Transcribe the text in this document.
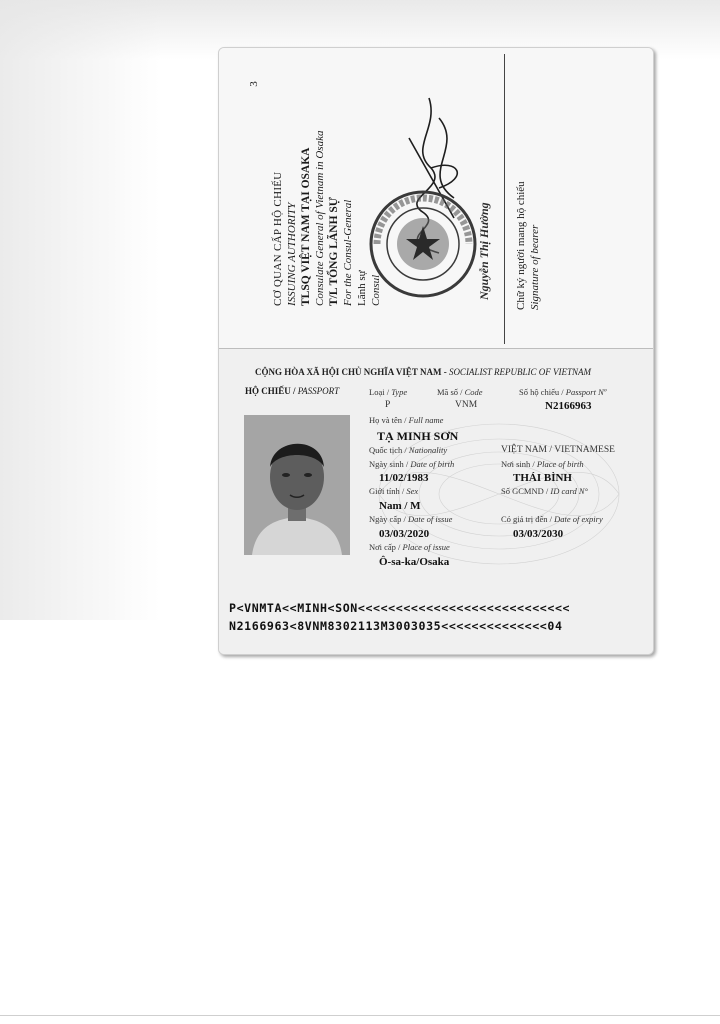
3
CƠ QUAN CẤP HỘ CHIẾU ISSUING AUTHORITY TLSQ VIỆT NAM TẠI OSAKA Consulate General of Vietnam in Osaka T/L TỔNG LÃNH SỰ For the Consul-General Lãnh sự Consul	Nguyễn Thị Hường Chữ ký người mang hộ chiếu Signature of bearer
CỘNG HÒA XÃ HỘI CHỦ NGHĨA VIỆT NAM - SOCIALIST REPUBLIC OF VIETNAM
HỘ CHIẾU / PASSPORT	Loại / Type
P
Mã số / Code
VNM
Số hộ chiếu / Passport Nº
N2166963
Họ và tên / Full name
TẠ MINH SƠN
Quốc tịch / Nationality	VIỆT NAM / VIETNAMESE
Ngày sinh / Date of birth
11/02/1983
Nơi sinh / Place of birth
THÁI BÌNH
Giới tính / Sex
Nam / M
Số GCMND / ID card N°
Ngày cấp / Date of issue
03/03/2020
Có giá trị đến / Date of expiry
03/03/2030
Nơi cấp / Place of issue
Ô-sa-ka/Osaka
P<VNMTA<<MINH<SON<<<<<<<<<<<<<<<<<<<<<<<<<<<<
N2166963<8VNM8302113M3003035<<<<<<<<<<<<<<04
